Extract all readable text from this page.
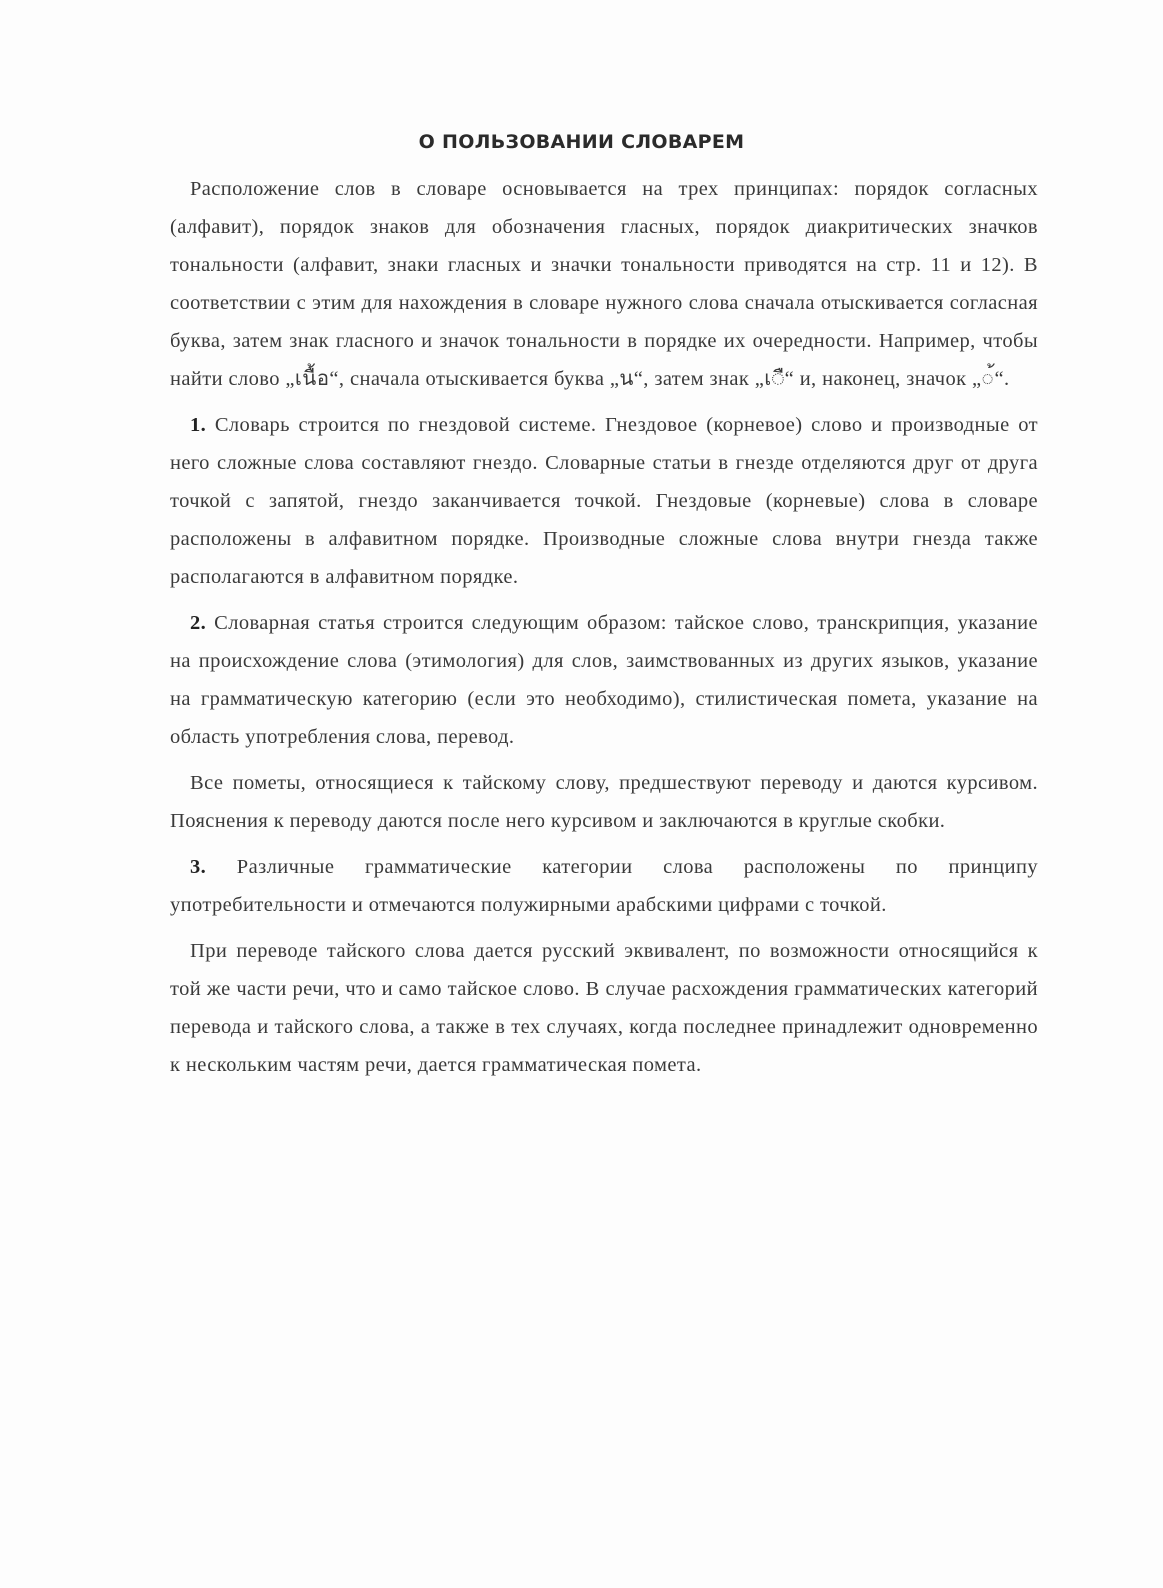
О ПОЛЬЗОВАНИИ СЛОВАРЕМ

Расположение слов в словаре основывается на трех принципах: порядок согласных (алфавит), порядок знаков для обозначения гласных, порядок диакритических значков тональности (алфавит, знаки гласных и значки тональности приводятся на стр. 11 и 12). В соответствии с этим для нахождения в словаре нужного слова сначала отыскивается согласная буква, затем знак гласного и значок тональности в порядке их очередности. Например, чтобы найти слово „เนื้อ“, сначала отыскивается буква „น“, затем знак „เ◌ื“ и, наконец, значок „◌้“.

1. Словарь строится по гнездовой системе. Гнездовое (корневое) слово и производные от него сложные слова составляют гнездо. Словарные статьи в гнезде отделяются друг от друга точкой с запятой, гнездо заканчивается точкой. Гнездовые (корневые) слова в словаре расположены в алфавитном порядке. Производные сложные слова внутри гнезда также располагаются в алфавитном порядке.

2. Словарная статья строится следующим образом: тайское слово, транскрипция, указание на происхождение слова (этимология) для слов, заимствованных из других языков, указание на грамматическую категорию (если это необходимо), стилистическая помета, указание на область употребления слова, перевод.

Все пометы, относящиеся к тайскому слову, предшествуют переводу и даются курсивом. Пояснения к переводу даются после него курсивом и заключаются в круглые скобки.

3. Различные грамматические категории слова расположены по принципу употребительности и отмечаются полужирными арабскими цифрами с точкой.

При переводе тайского слова дается русский эквивалент, по возможности относящийся к той же части речи, что и само тайское слово. В случае расхождения грамматических категорий перевода и тайского слова, а также в тех случаях, когда последнее принадлежит одновременно к нескольким частям речи, дается грамматическая помета.
